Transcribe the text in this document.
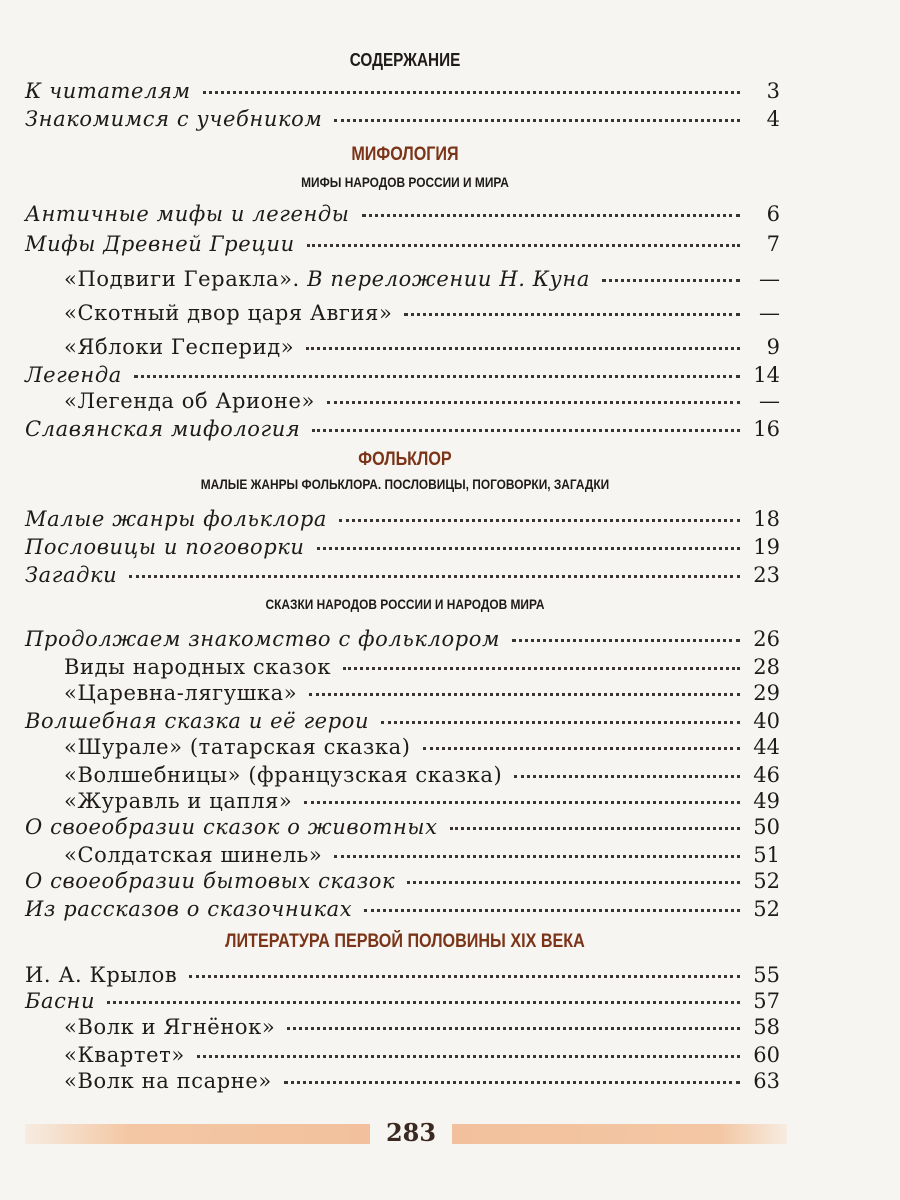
СОДЕРЖАНИЕ
К читателям	3
Знакомимся с учебником	4
МИФОЛОГИЯ
МИФЫ НАРОДОВ РОССИИ И МИРА
Античные мифы и легенды	6
Мифы Древней Греции	7
«Подвиги Геракла». В переложении Н. Куна	—
«Скотный двор царя Авгия»	—
«Яблоки Гесперид»	9
Легенда	14
«Легенда об Арионе»	—
Славянская мифология	16
ФОЛЬКЛОР
МАЛЫЕ ЖАНРЫ ФОЛЬКЛОРА. ПОСЛОВИЦЫ, ПОГОВОРКИ, ЗАГАДКИ
Малые жанры фольклора	18
Пословицы и поговорки	19
Загадки	23
СКАЗКИ НАРОДОВ РОССИИ И НАРОДОВ МИРА
Продолжаем знакомство с фольклором	26
Виды народных сказок	28
«Царевна-лягушка»	29
Волшебная сказка и её герои	40
«Шурале» (татарская сказка)	44
«Волшебницы» (французская сказка)	46
«Журавль и цапля»	49
О своеобразии сказок о животных	50
«Солдатская шинель»	51
О своеобразии бытовых сказок	52
Из рассказов о сказочниках	52
ЛИТЕРАТУРА ПЕРВОЙ ПОЛОВИНЫ XIX ВЕКА
И. А. Крылов	55
Басни	57
«Волк и Ягнёнок»	58
«Квартет»	60
«Волк на псарне»	63
283
